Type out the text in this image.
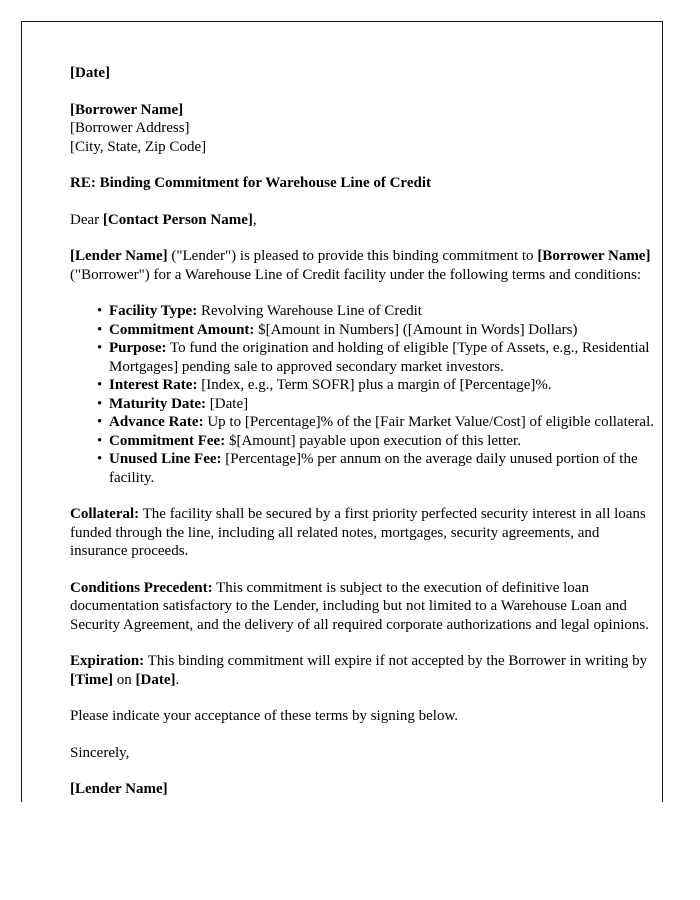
[Date]
[Borrower Name]
[Borrower Address]
[City, State, Zip Code]
RE: Binding Commitment for Warehouse Line of Credit
Dear [Contact Person Name],
[Lender Name] ("Lender") is pleased to provide this binding commitment to [Borrower Name] ("Borrower") for a Warehouse Line of Credit facility under the following terms and conditions:
• Facility Type: Revolving Warehouse Line of Credit
• Commitment Amount: $[Amount in Numbers] ([Amount in Words] Dollars)
• Purpose: To fund the origination and holding of eligible [Type of Assets, e.g., Residential Mortgages] pending sale to approved secondary market investors.
• Interest Rate: [Index, e.g., Term SOFR] plus a margin of [Percentage]%.
• Maturity Date: [Date]
• Advance Rate: Up to [Percentage]% of the [Fair Market Value/Cost] of eligible collateral.
• Commitment Fee: $[Amount] payable upon execution of this letter.
• Unused Line Fee: [Percentage]% per annum on the average daily unused portion of the facility.
Collateral: The facility shall be secured by a first priority perfected security interest in all loans funded through the line, including all related notes, mortgages, security agreements, and insurance proceeds.
Conditions Precedent: This commitment is subject to the execution of definitive loan documentation satisfactory to the Lender, including but not limited to a Warehouse Loan and Security Agreement, and the delivery of all required corporate authorizations and legal opinions.
Expiration: This binding commitment will expire if not accepted by the Borrower in writing by [Time] on [Date].
Please indicate your acceptance of these terms by signing below.
Sincerely,
[Lender Name]
